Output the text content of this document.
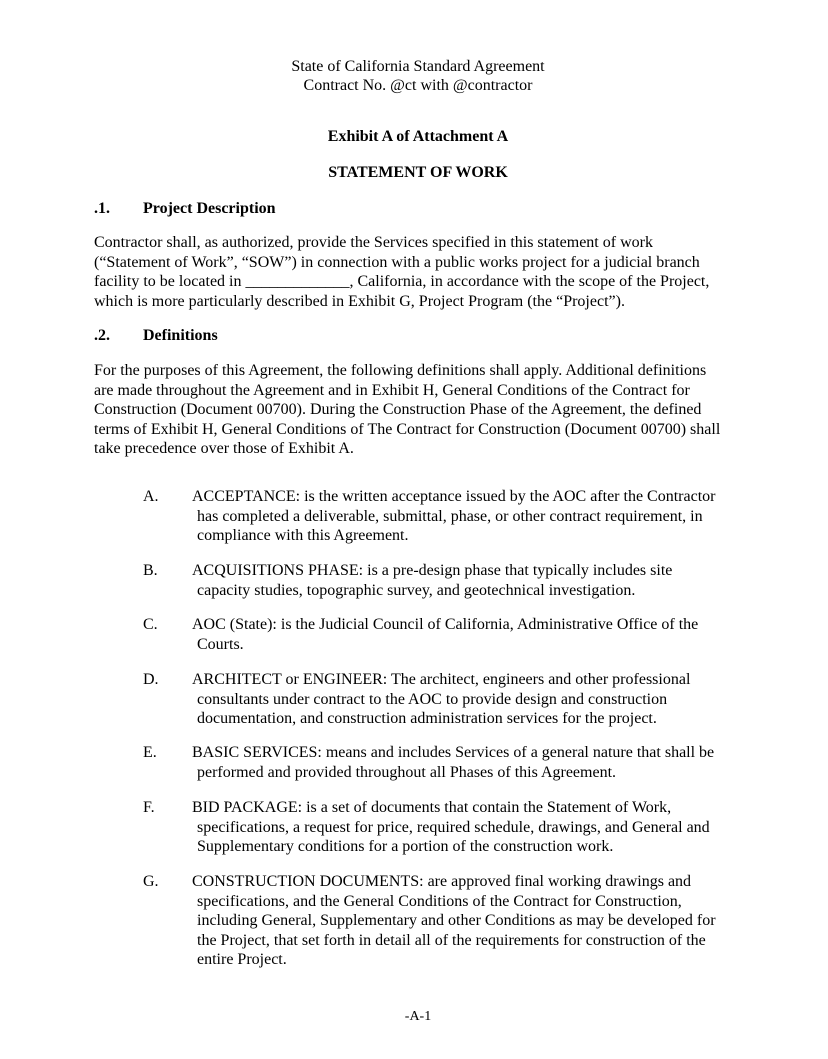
State of California Standard Agreement
Contract No. @ct with @contractor
Exhibit A of Attachment A
STATEMENT OF WORK
.1. Project Description
Contractor shall, as authorized, provide the Services specified in this statement of work
(“Statement of Work”, “SOW”) in connection with a public works project for a judicial branch
facility to be located in _____________, California, in accordance with the scope of the Project,
which is more particularly described in Exhibit G, Project Program (the “Project”).
.2. Definitions
For the purposes of this Agreement, the following definitions shall apply. Additional definitions
are made throughout the Agreement and in Exhibit H, General Conditions of the Contract for
Construction (Document 00700). During the Construction Phase of the Agreement, the defined
terms of Exhibit H, General Conditions of The Contract for Construction (Document 00700) shall
take precedence over those of Exhibit A.
A. ACCEPTANCE: is the written acceptance issued by the AOC after the Contractor
has completed a deliverable, submittal, phase, or other contract requirement, in
compliance with this Agreement.
B. ACQUISITIONS PHASE: is a pre-design phase that typically includes site
capacity studies, topographic survey, and geotechnical investigation.
C. AOC (State): is the Judicial Council of California, Administrative Office of the
Courts.
D. ARCHITECT or ENGINEER: The architect, engineers and other professional
consultants under contract to the AOC to provide design and construction
documentation, and construction administration services for the project.
E. BASIC SERVICES: means and includes Services of a general nature that shall be
performed and provided throughout all Phases of this Agreement.
F. BID PACKAGE: is a set of documents that contain the Statement of Work,
specifications, a request for price, required schedule, drawings, and General and
Supplementary conditions for a portion of the construction work.
G. CONSTRUCTION DOCUMENTS: are approved final working drawings and
specifications, and the General Conditions of the Contract for Construction,
including General, Supplementary and other Conditions as may be developed for
the Project, that set forth in detail all of the requirements for construction of the
entire Project.
-A-1
